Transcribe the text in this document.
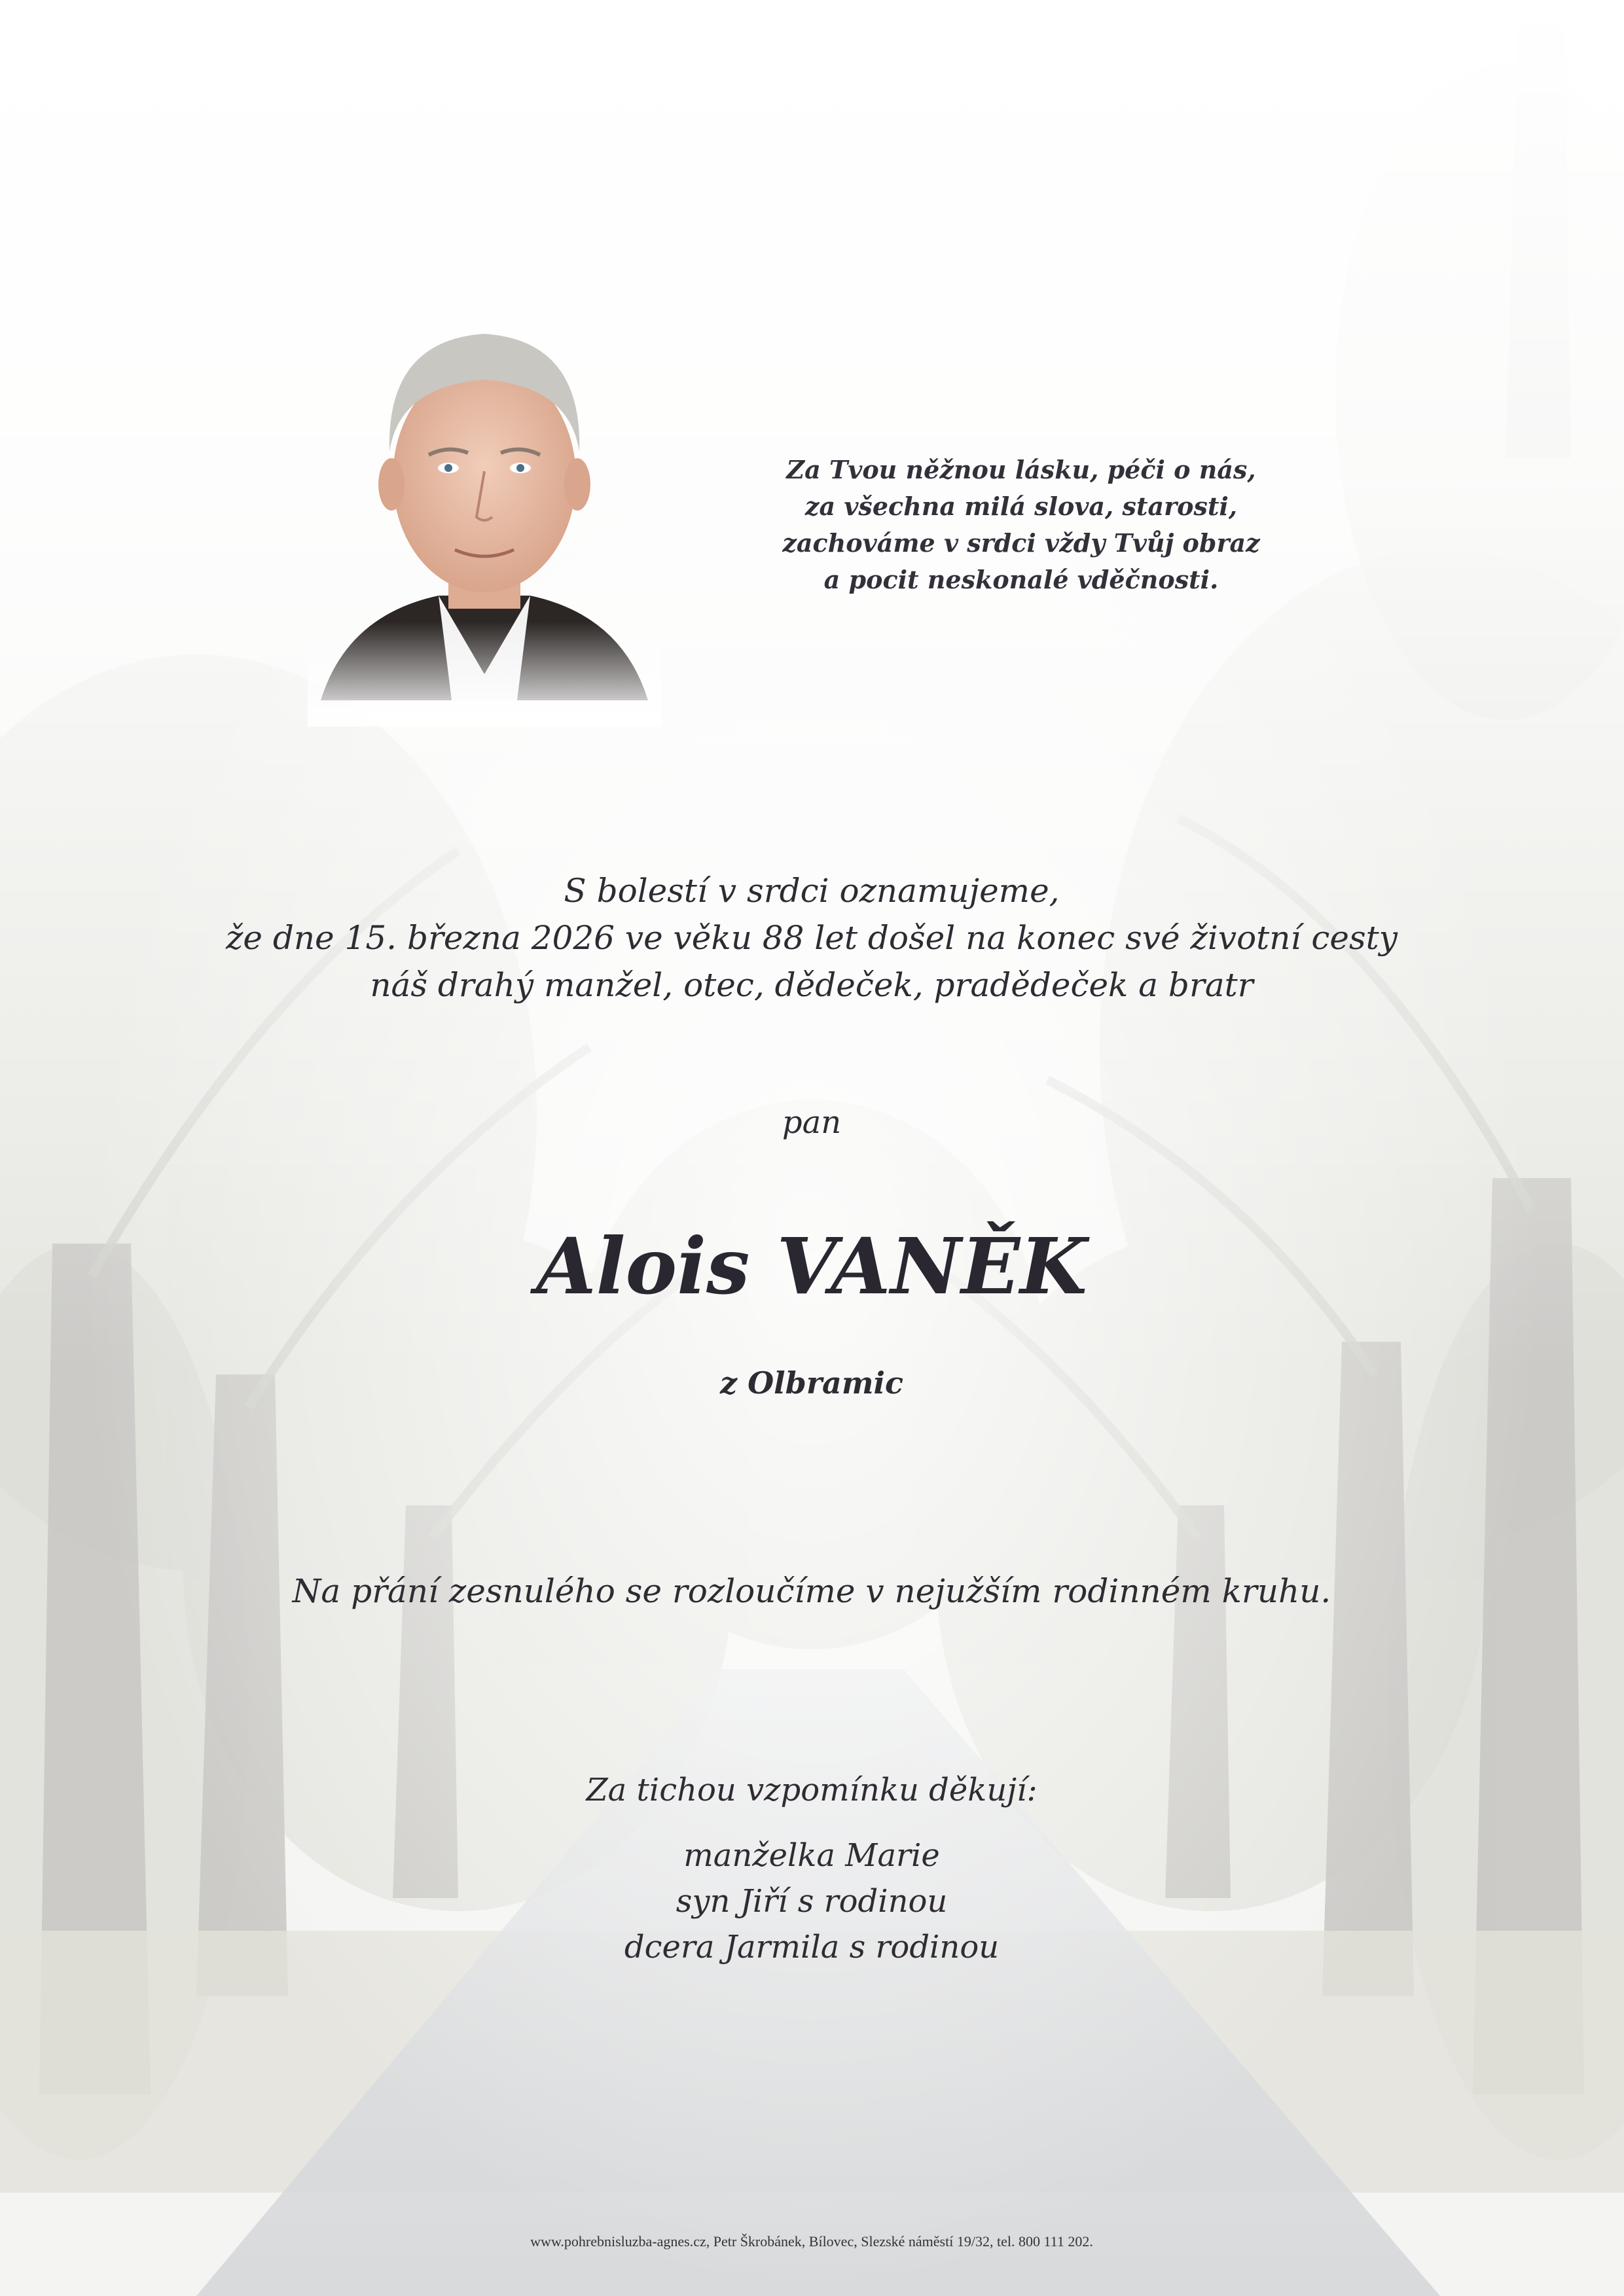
Za Tvou něžnou lásku, péči o nás,
za všechna milá slova, starosti,
zachováme v srdci vždy Tvůj obraz
a pocit neskonalé vděčnosti.
S bolestí v srdci oznamujeme,
že dne 15. března 2026 ve věku 88 let došel na konec své životní cesty
náš drahý manžel, otec, dědeček, pradědeček a bratr
pan
Alois VANĚK
z Olbramic
Na přání zesnulého se rozloučíme v nejužším rodinném kruhu.
Za tichou vzpomínku děkují:
manželka Marie
syn Jiří s rodinou
dcera Jarmila s rodinou
www.pohrebnisluzba-agnes.cz, Petr Škrobánek, Bílovec, Slezské náměstí 19/32, tel. 800 111 202.
